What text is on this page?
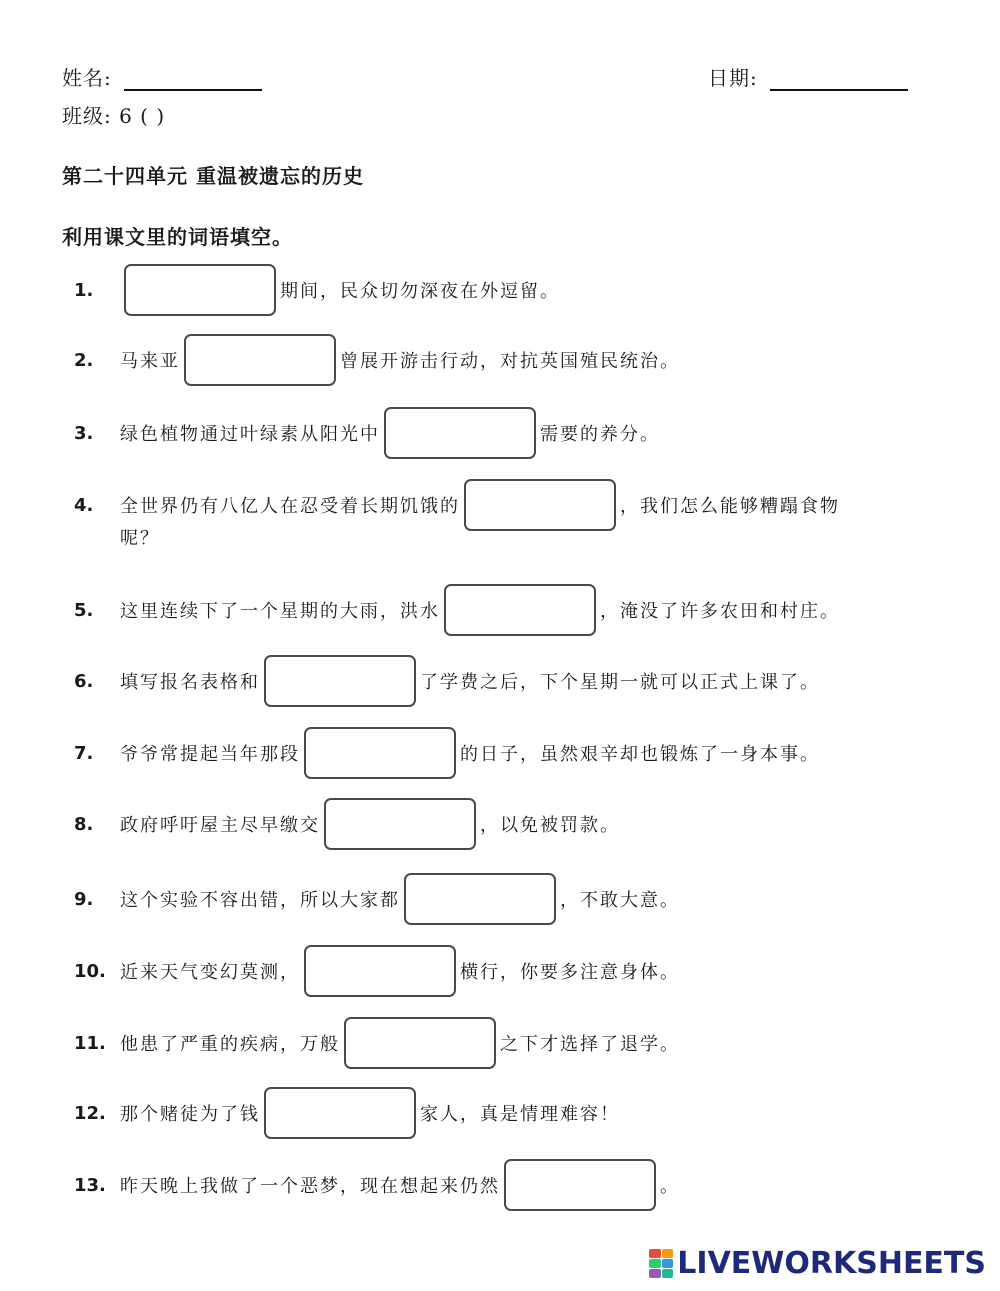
姓名:	日期:
班级: 6 ( )
第二十四单元 重温被遗忘的历史
利用课文里的词语填空。
1.	期间，民众切勿深夜在外逗留。
2.	马来亚	曾展开游击行动，对抗英国殖民统治。
3.	绿色植物通过叶绿素从阳光中	需要的养分。
4.	全世界仍有八亿人在忍受着长期饥饿的	，我们怎么能够糟蹋食物
呢？
5.	这里连续下了一个星期的大雨，洪水	，淹没了许多农田和村庄。
6.	填写报名表格和	了学费之后，下个星期一就可以正式上课了。
7.	爷爷常提起当年那段	的日子，虽然艰辛却也锻炼了一身本事。
8.	政府呼吁屋主尽早缴交	，以免被罚款。
9.	这个实验不容出错，所以大家都	，不敢大意。
10. 近来天气变幻莫测，	横行，你要多注意身体。
11. 他患了严重的疾病，万般	之下才选择了退学。
12. 那个赌徒为了钱	家人，真是情理难容！
13. 昨天晚上我做了一个恶梦，现在想起来仍然	。
LIVEWORKSHEETS
